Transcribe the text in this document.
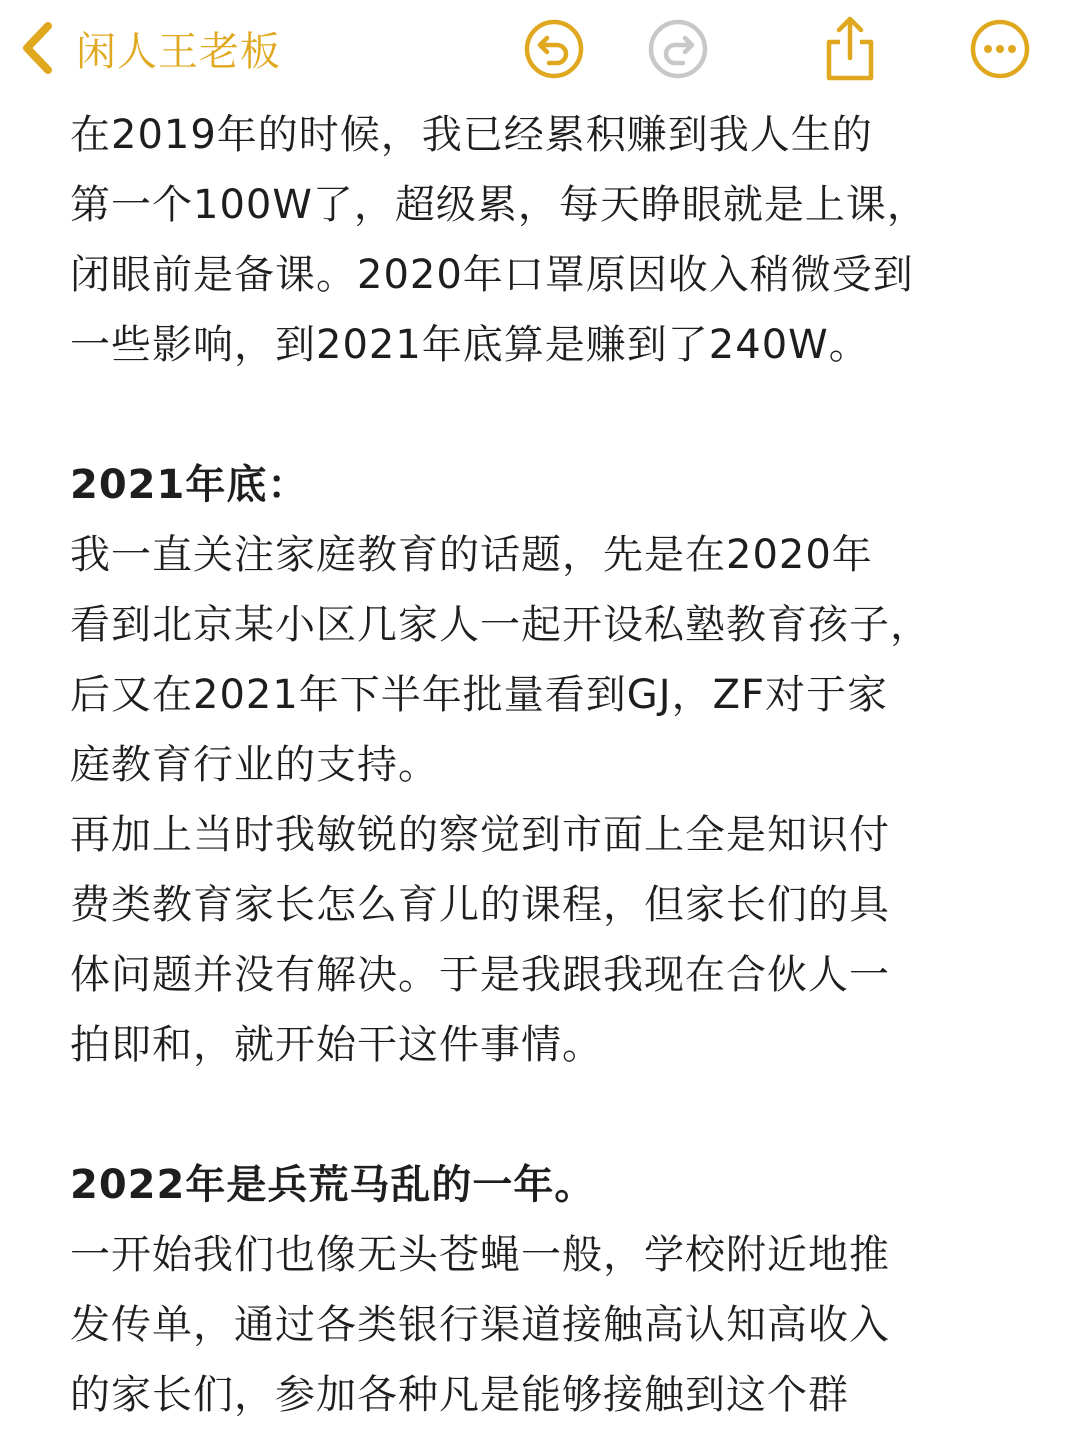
闲人王老板
在2019年的时候，我已经累积赚到我人生的
第一个100W了，超级累，每天睁眼就是上课，
闭眼前是备课。2020年口罩原因收入稍微受到
一些影响，到2021年底算是赚到了240W。
2021年底：
我一直关注家庭教育的话题，先是在2020年
看到北京某小区几家人一起开设私塾教育孩子，
后又在2021年下半年批量看到GJ，ZF对于家
庭教育行业的支持。
再加上当时我敏锐的察觉到市面上全是知识付
费类教育家长怎么育儿的课程，但家长们的具
体问题并没有解决。于是我跟我现在合伙人一
拍即和，就开始干这件事情。
2022年是兵荒马乱的一年。
一开始我们也像无头苍蝇一般，学校附近地推
发传单，通过各类银行渠道接触高认知高收入
的家长们，参加各种凡是能够接触到这个群
